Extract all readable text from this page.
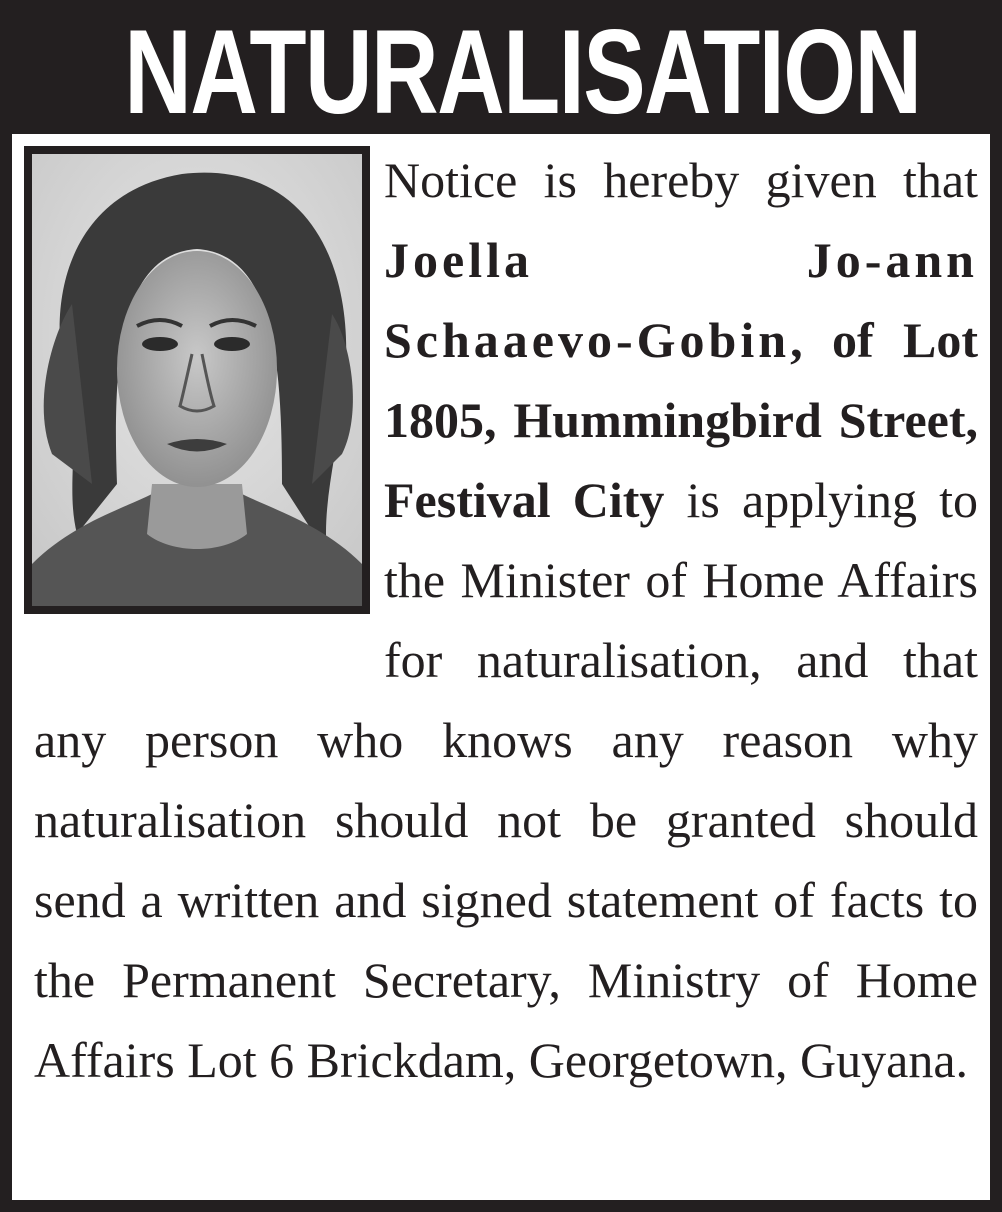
NATURALISATION

Notice is hereby given that Joella Jo-ann Schaaevo-Gobin, of Lot 1805, Hummingbird Street, Festival City is applying to the Minister of Home Affairs for naturalisation, and that any person who knows any reason why naturalisation should not be granted should send a written and signed statement of facts to the Permanent Secretary, Ministry of Home Affairs Lot 6 Brickdam, Georgetown, Guyana.
